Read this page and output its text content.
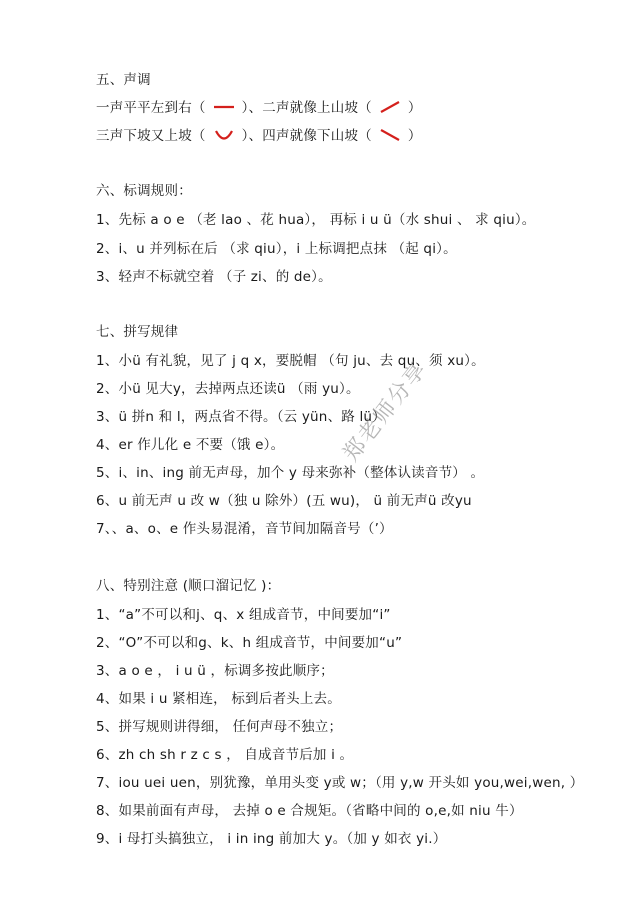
五、声调
一声平平左到右（	）、二声就像上山坡（	）
三声下坡又上坡（	）、四声就像下山坡（	）
六、标调规则：
1、先标 a o e （老 lao 、花 hua）， 再标 i u ü（水 shui 、 求 qiu）。
2、i、u 并列标在后 （求 qiu），i 上标调把点抹 （起 qi）。
3、轻声不标就空着 （子 zi、的 de）。
七、拼写规律
1、小ü 有礼貌，见了 j q x，要脱帽 （句 ju、去 qu、须 xu）。
2、小ü 见大y，去掉两点还读ü （雨 yu）。
3、ü 拼n 和 l，两点省不得。（云 yün、路 lü）
4、er 作儿化 e 不要（饿 e）。
5、i、in、ing 前无声母，加个 y 母来弥补（整体认读音节） 。
6、u 前无声 u 改 w（独 u 除外）(五 wu)， ü 前无声ü 改yu
7、、a、o、e 作头易混淆，音节间加隔音号（’）
八、特别注意 (顺口溜记忆 )：
1、“a”不可以和j、q、x 组成音节，中间要加“i”
2、“O”不可以和g、k、h 组成音节，中间要加“u”
3、a o e ， i u ü ，标调多按此顺序；
4、如果 i u 紧相连， 标到后者头上去。
5、拼写规则讲得细， 任何声母不独立；
6、zh ch sh r z c s ， 自成音节后加 i 。
7、iou uei uen，别犹豫，单用头变 y或 w；（用 y,w 开头如 you,wei,wen, ）
8、如果前面有声母， 去掉 o e 合规矩。（省略中间的 o,e,如 niu 牛）
9、i 母打头搞独立， i in ing 前加大 y。（加 y 如衣 yi.）
郑老师分享
